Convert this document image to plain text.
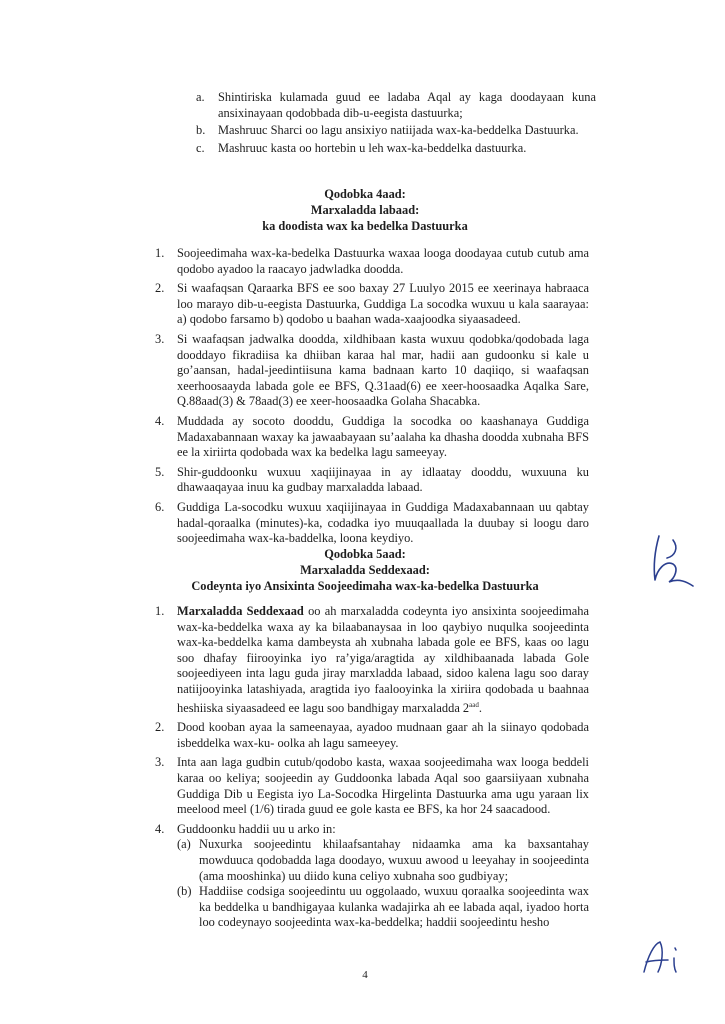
a. Shintiriska kulamada guud ee ladaba Aqal ay kaga doodayaan kuna ansixinayaan qodobbada dib-u-eegista dastuurka;
b. Mashruuc Sharci oo lagu ansixiyo natiijada wax-ka-beddelka Dastuurka.
c. Mashruuc kasta oo hortebin u leh wax-ka-beddelka dastuurka.
Qodobka 4aad:
Marxaladda labaad:
ka doodista wax ka bedelka Dastuurka
1. Soojeedimaha wax-ka-bedelka Dastuurka waxaa looga doodayaa cutub cutub ama qodobo ayadoo la raacayo jadwladka doodda.
2. Si waafaqsan Qaraarka BFS ee soo baxay 27 Luulyo 2015 ee xeerinaya habraaca loo marayo dib-u-eegista Dastuurka, Guddiga La socodka wuxuu u kala saarayaa: a) qodobo farsamo b) qodobo u baahan wada-xaajoodka siyaasadeed.
3. Si waafaqsan jadwalka doodda, xildhibaan kasta wuxuu qodobka/qodobada laga dooddayo fikradiisa ka dhiiban karaa hal mar, hadii aan gudoonku si kale u go’aansan, hadal-jeedintiisuna kama badnaan karto 10 daqiiqo, si waafaqsan xeerhoosaayda labada gole ee BFS, Q.31aad(6) ee xeer-hoosaadka Aqalka Sare, Q.88aad(3) & 78aad(3) ee xeer-hoosaadka Golaha Shacabka.
4. Muddada ay socoto dooddu, Guddiga la socodka oo kaashanaya Guddiga Madaxabannaan waxay ka jawaabayaan su’aalaha ka dhasha doodda xubnaha BFS ee la xiriirta qodobada wax ka bedelka lagu sameeyay.
5. Shir-guddoonku wuxuu xaqiijinayaa in ay idlaatay dooddu, wuxuuna ku dhawaaqayaa inuu ka gudbay marxaladda labaad.
6. Guddiga La-socodku wuxuu xaqiijinayaa in Guddiga Madaxabannaan uu qabtay hadal-qoraalka (minutes)-ka, codadka iyo muuqaallada la duubay si loogu daro soojeedimaha wax-ka-baddelka, loona keydiyo.
Qodobka 5aad:
Marxaladda Seddexaad:
Codeynta iyo Ansixinta Soojeedimaha wax-ka-bedelka Dastuurka
1. Marxaladda Seddexaad oo ah marxaladda codeynta iyo ansixinta soojeedimaha wax-ka-beddelka waxa ay ka bilaabanaysaa in loo qaybiyo nuqulka soojeedinta wax-ka-beddelka kama dambeysta ah xubnaha labada gole ee BFS, kaas oo lagu soo dhafay fiirooyinka iyo ra’yiga/aragtida ay xildhibaanada labada Gole soojeediyeen inta lagu guda jiray marxladda labaad, sidoo kalena lagu soo daray natiijooyinka latashiyada, aragtida iyo faalooyinka la xiriira qodobada u baahnaa heshiiska siyaasadeed ee lagu soo bandhigay marxaladda $2^{aad}$.
2. Dood kooban ayaa la sameenayaa, ayadoo mudnaan gaar ah la siinayo qodobada isbeddelka wax-ku- oolka ah lagu sameeyey.
3. Inta aan laga gudbin cutub/qodobo kasta, waxaa soojeedimaha wax looga beddeli karaa oo keliya; soojeedin ay Guddoonka labada Aqal soo gaarsiiyaan xubnaha Guddiga Dib u Eegista iyo La-Socodka Hirgelinta Dastuurka ama ugu yaraan lix meelood meel (1/6) tirada guud ee gole kasta ee BFS, ka hor 24 saacadood.
4. Guddoonku haddii uu u arko in:
(a) Nuxurka soojeedintu khilaafsantahay nidaamka ama ka baxsantahay mowduuca qodobadda laga doodayo, wuxuu awood u leeyahay in soojeedinta (ama mooshinka) uu diido kuna celiyo xubnaha soo gudbiyay;
(b) Haddiise codsiga soojeedintu uu oggolaado, wuxuu qoraalka soojeedinta wax ka beddelka u bandhigayaa kulanka wadajirka ah ee labada aqal, iyadoo horta loo codeynayo soojeedinta wax-ka-beddelka; haddii soojeedintu hesho
4
